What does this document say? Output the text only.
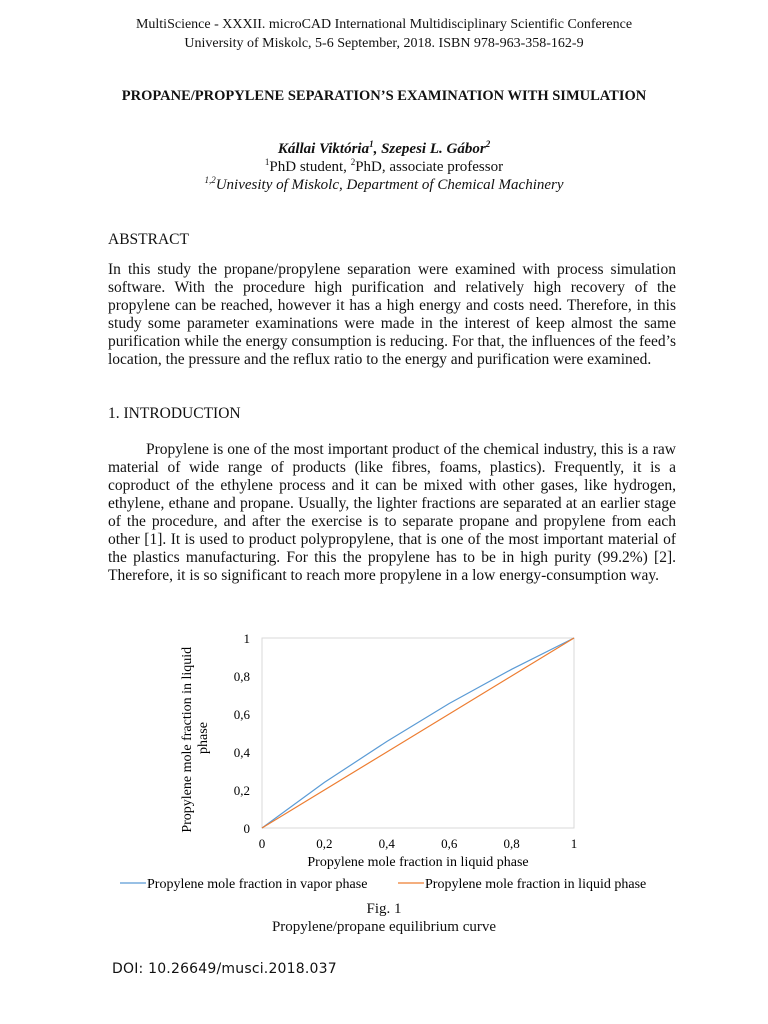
MultiScience - XXXII. microCAD International Multidisciplinary Scientific Conference
University of Miskolc, 5-6 September, 2018. ISBN 978-963-358-162-9
PROPANE/PROPYLENE SEPARATION’S EXAMINATION WITH SIMULATION
Kállai Viktória$^1$, Szepesi L. Gábor$^2$
$^1$PhD student, $^2$PhD, associate professor
$^{1,2}$Univesity of Miskolc, Department of Chemical Machinery
ABSTRACT

In this study the propane/propylene separation were examined with process simulation software. With the procedure high purification and relatively high recovery of the propylene can be reached, however it has a high energy and costs need. Therefore, in this study some parameter examinations were made in the interest of keep almost the same purification while the energy consumption is reducing. For that, the influences of the feed’s location, the pressure and the reflux ratio to the energy and purification were examined.

1. INTRODUCTION

Propylene is one of the most important product of the chemical industry, this is a raw material of wide range of products (like fibres, foams, plastics). Frequently, it is a coproduct of the ethylene process and it can be mixed with other gases, like hydrogen, ethylene, ethane and propane. Usually, the lighter fractions are separated at an earlier stage of the procedure, and after the exercise is to separate propane and propylene from each other [1]. It is used to product polypropylene, that is one of the most important material of the plastics manufacturing. For this the propylene has to be in high purity (99.2%) [2]. Therefore, it is so significant to reach more propylene in a low energy-consumption way.

0
0,2
0,4
0,6
0,8
1
0	0,2	0,4	0,6	0,8	1
Propylene mole fraction in liquid phase
Propylene mole fraction in liquid phase
Propylene mole fraction in vapor phase	Propylene mole fraction in liquid phase
Fig. 1
Propylene/propane equilibrium curve
DOI: 10.26649/musci.2018.037
